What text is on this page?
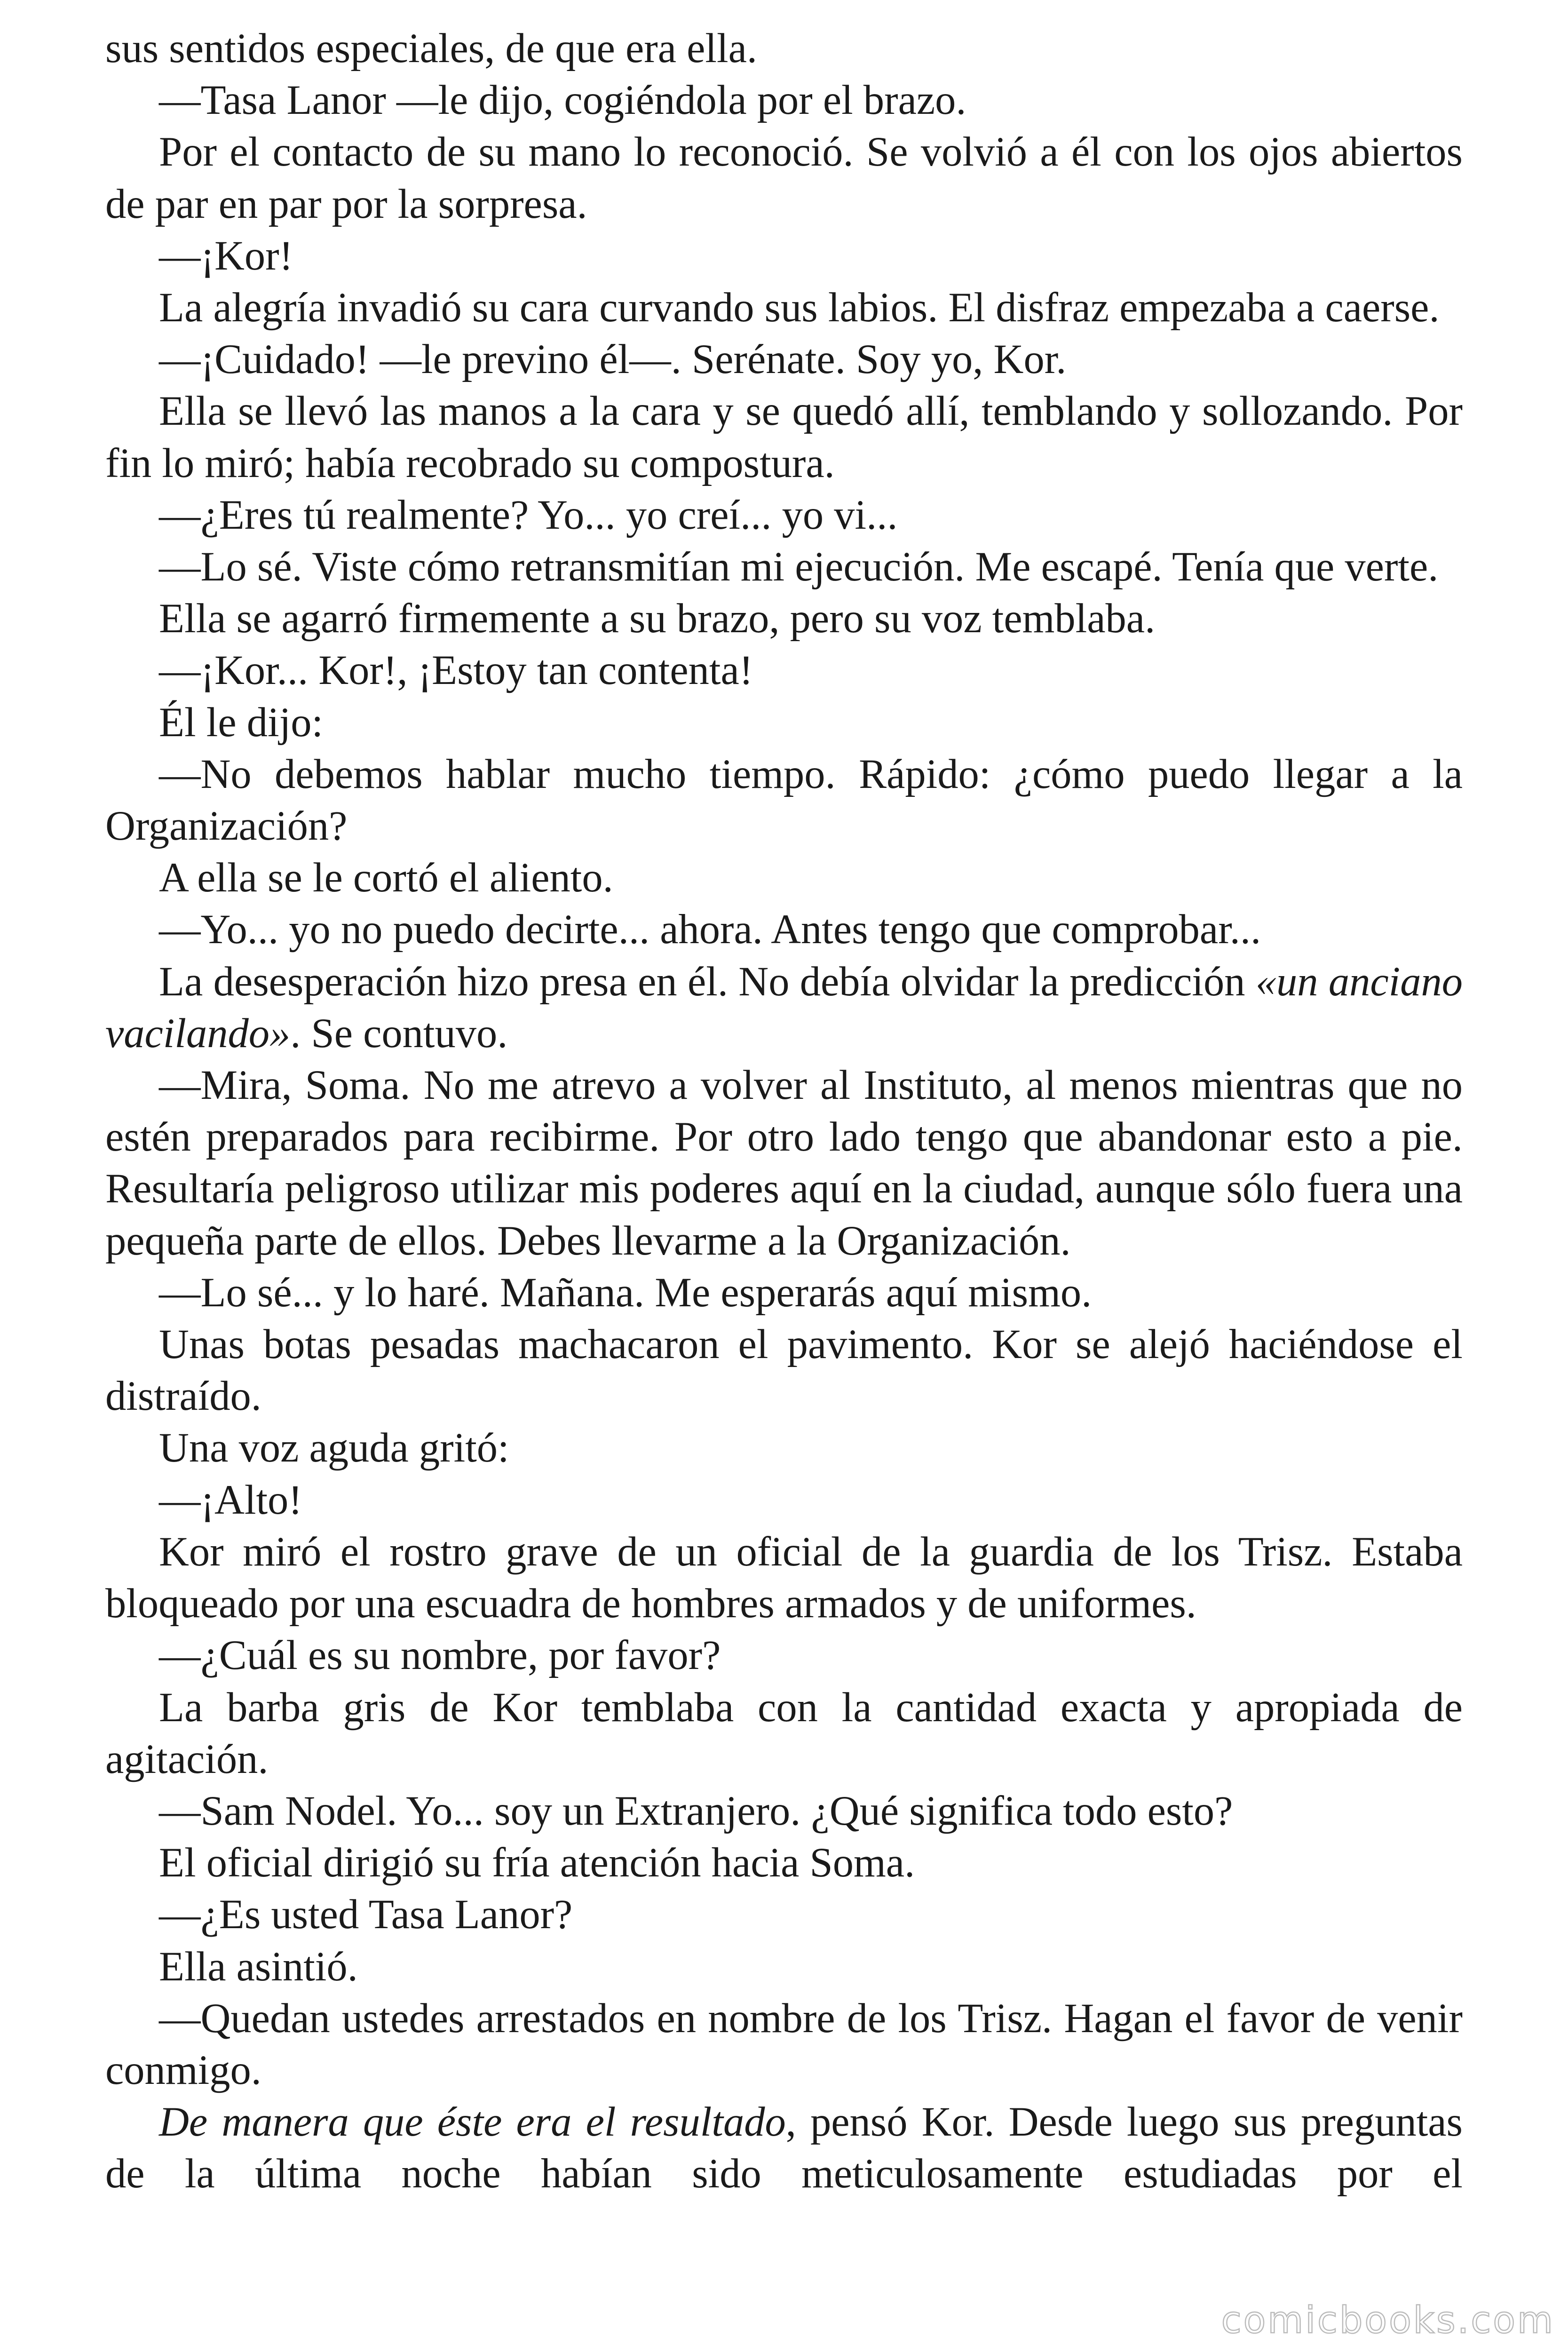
sus sentidos especiales, de que era ella.

—Tasa Lanor —le dijo, cogiéndola por el brazo.

Por el contacto de su mano lo reconoció. Se volvió a él con los ojos abiertos de par en par por la sorpresa.

—¡Kor!

La alegría invadió su cara curvando sus labios. El disfraz empezaba a caerse.

—¡Cuidado! —le previno él—. Serénate. Soy yo, Kor.

Ella se llevó las manos a la cara y se quedó allí, temblando y sollozando. Por fin lo miró; había recobrado su compostura.

—¿Eres tú realmente? Yo... yo creí... yo vi...

—Lo sé. Viste cómo retransmitían mi ejecución. Me escapé. Tenía que verte.

Ella se agarró firmemente a su brazo, pero su voz temblaba.

—¡Kor... Kor!, ¡Estoy tan contenta!

Él le dijo:

—No debemos hablar mucho tiempo. Rápido: ¿cómo puedo llegar a la Organización?

A ella se le cortó el aliento.

—Yo... yo no puedo decirte... ahora. Antes tengo que comprobar...

La desesperación hizo presa en él. No debía olvidar la predicción «un anciano vacilando». Se contuvo.

—Mira, Soma. No me atrevo a volver al Instituto, al menos mientras que no estén preparados para recibirme. Por otro lado tengo que abandonar esto a pie. Resultaría peligroso utilizar mis poderes aquí en la ciudad, aunque sólo fuera una pequeña parte de ellos. Debes llevarme a la Organización.

—Lo sé... y lo haré. Mañana. Me esperarás aquí mismo.

Unas botas pesadas machacaron el pavimento. Kor se alejó haciéndose el distraído.

Una voz aguda gritó:

—¡Alto!

Kor miró el rostro grave de un oficial de la guardia de los Trisz. Estaba bloqueado por una escuadra de hombres armados y de uniformes.

—¿Cuál es su nombre, por favor?

La barba gris de Kor temblaba con la cantidad exacta y apropiada de agitación.

—Sam Nodel. Yo... soy un Extranjero. ¿Qué significa todo esto?

El oficial dirigió su fría atención hacia Soma.

—¿Es usted Tasa Lanor?

Ella asintió.

—Quedan ustedes arrestados en nombre de los Trisz. Hagan el favor de venir conmigo.

De manera que éste era el resultado, pensó Kor. Desde luego sus preguntas de la última noche habían sido meticulosamente estudiadas por el

comicbooks.com
